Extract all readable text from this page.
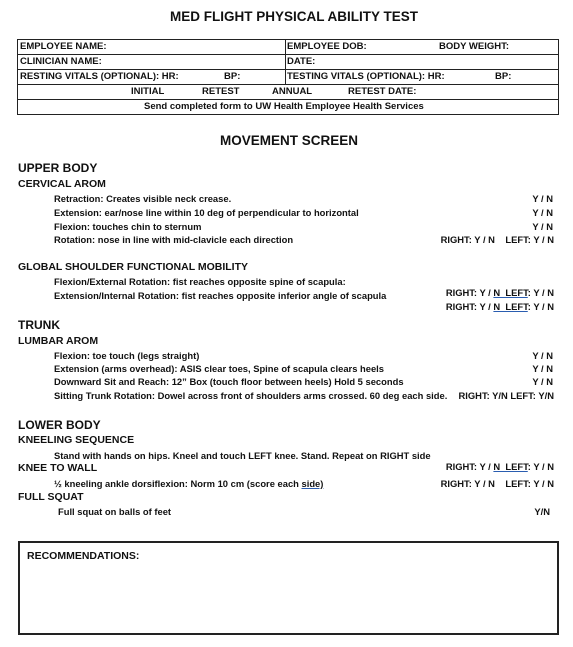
MED FLIGHT PHYSICAL ABILITY TEST
EMPLOYEE NAME:	EMPLOYEE DOB:	BODY WEIGHT:
CLINICIAN NAME:	DATE:
RESTING VITALS (OPTIONAL): HR:	BP:	TESTING VITALS (OPTIONAL): HR:	BP:
INITIAL	RETEST	ANNUAL	RETEST DATE:
Send completed form to UW Health Employee Health Services
MOVEMENT SCREEN
UPPER BODY
CERVICAL AROM
Retraction: Creates visible neck crease.	Y / N
Extension: ear/nose line within 10 deg of perpendicular to horizontal	Y / N
Flexion: touches chin to sternum	Y / N
Rotation: nose in line with mid-clavicle each direction	RIGHT: Y / N    LEFT: Y / N
GLOBAL SHOULDER FUNCTIONAL MOBILITY
Flexion/External Rotation: fist reaches opposite spine of scapula:

RIGHT: Y / N  LEFT: Y / N

Extension/Internal Rotation: fist reaches opposite inferior angle of scapula

RIGHT: Y / N  LEFT: Y / N

TRUNK
LUMBAR AROM
Flexion: toe touch (legs straight)	Y / N
Extension (arms overhead): ASIS clear toes, Spine of scapula clears heels	Y / N
Downward Sit and Reach: 12” Box (touch floor between heels) Hold 5 seconds	Y / N
Sitting Trunk Rotation: Dowel across front of shoulders arms crossed. 60 deg each side. RIGHT: Y/N LEFT: Y/N
LOWER BODY
KNEELING SEQUENCE
Stand with hands on hips. Kneel and touch LEFT knee. Stand. Repeat on RIGHT side

RIGHT: Y / N  LEFT: Y / N

KNEE TO WALL
½ kneeling ankle dorsiflexion: Norm 10 cm (score each side)	RIGHT: Y / N    LEFT: Y / N
FULL SQUAT
Full squat on balls of feet	Y/N
RECOMMENDATIONS:
